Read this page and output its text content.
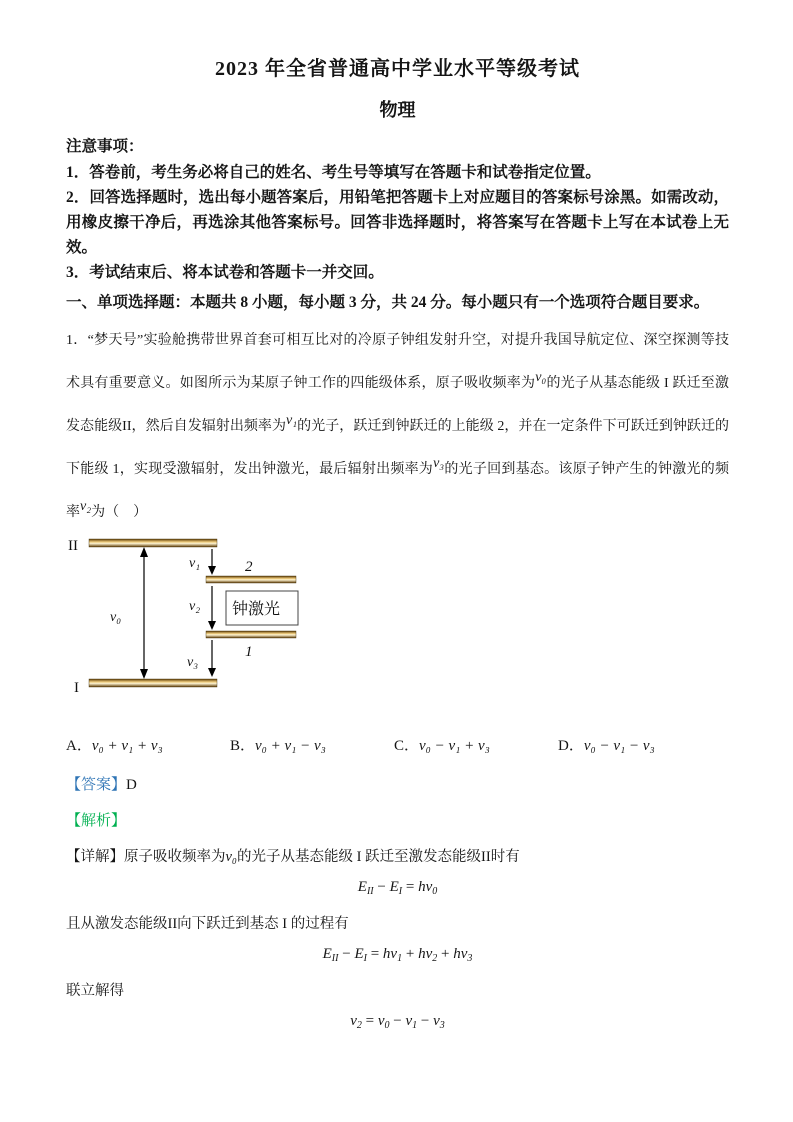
2023 年全省普通高中学业水平等级考试
物理

注意事项：

1．答卷前，考生务必将自己的姓名、考生号等填写在答题卡和试卷指定位置。

2．回答选择题时，选出每小题答案后，用铅笔把答题卡上对应题目的答案标号涂黑。如需改动，用橡皮擦干净后，再选涂其他答案标号。回答非选择题时，将答案写在答题卡上写在本试卷上无效。

3．考试结束后、将本试卷和答题卡一并交回。

一、单项选择题：本题共 8 小题，每小题 3 分，共 24 分。每小题只有一个选项符合题目要求。

1．“梦天号”实验舱携带世界首套可相互比对的冷原子钟组发射升空，对提升我国导航定位、深空探测等技术具有重要意义。如图所示为某原子钟工作的四能级体系，原子吸收频率为ν₀的光子从基态能级 I 跃迁至激发态能级II，然后自发辐射出频率为ν₁的光子，跃迁到钟跃迁的上能级 2，并在一定条件下可跃迁到钟跃迁的下能级 1，实现受激辐射，发出钟激光，最后辐射出频率为ν₃的光子回到基态。该原子钟产生的钟激光的频率ν₂为（　）

II
ν₀
ν₁	2
ν₂ 钟激光
1
ν₃
I
A．ν₀ + ν₁ + ν₃	B．ν₀ + ν₁ − ν₃	C．ν₀ − ν₁ + ν₃	D．ν₀ − ν₁ − ν₃

【答案】D

【解析】

【详解】原子吸收频率为ν₀的光子从基态能级 I 跃迁至激发态能级II时有

$E_{II} - E_I = h\nu_0$

且从激发态能级II向下跃迁到基态 I 的过程有

$E_{II} - E_I = h\nu_1 + h\nu_2 + h\nu_3$

联立解得

$\nu_2 = \nu_0 - \nu_1 - \nu_3$
